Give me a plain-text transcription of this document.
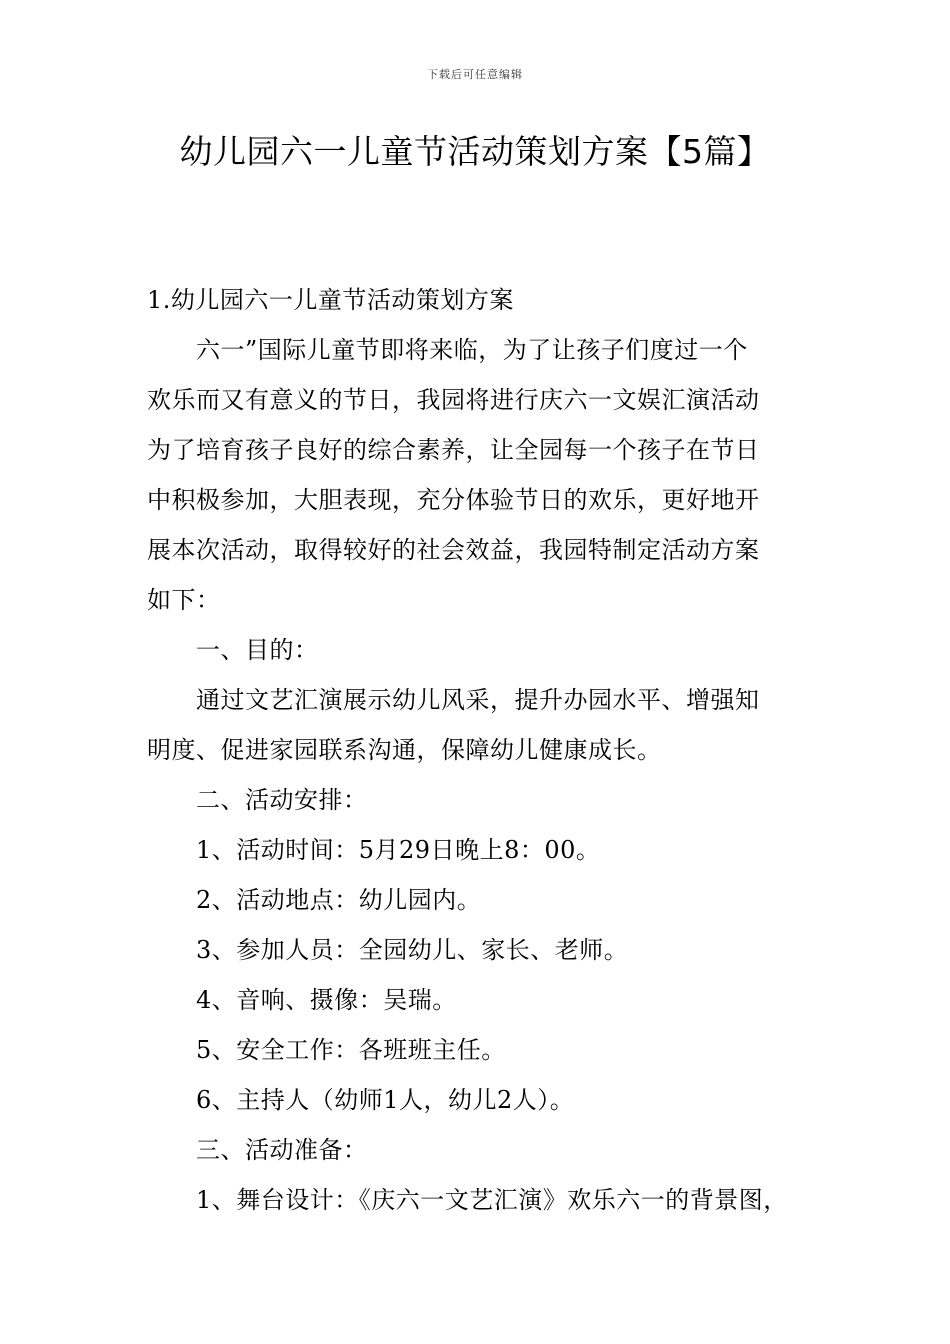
下载后可任意编辑
幼儿园六一儿童节活动策划方案【5篇】
1.幼儿园六一儿童节活动策划方案
六一”国际儿童节即将来临，为了让孩子们度过一个
欢乐而又有意义的节日，我园将进行庆六一文娱汇演活动
为了培育孩子良好的综合素养，让全园每一个孩子在节日
中积极参加，大胆表现，充分体验节日的欢乐，更好地开
展本次活动，取得较好的社会效益，我园特制定活动方案
如下：
一、目的：
通过文艺汇演展示幼儿风采，提升办园水平、增强知
明度、促进家园联系沟通，保障幼儿健康成长。
二、活动安排：
1、活动时间：5月29日晚上8：00。
2、活动地点：幼儿园内。
3、参加人员：全园幼儿、家长、老师。
4、音响、摄像：吴瑞。
5、安全工作：各班班主任。
6、主持人（幼师1人，幼儿2人）。
三、活动准备：
1、舞台设计：《庆六一文艺汇演》欢乐六一的背景图，
